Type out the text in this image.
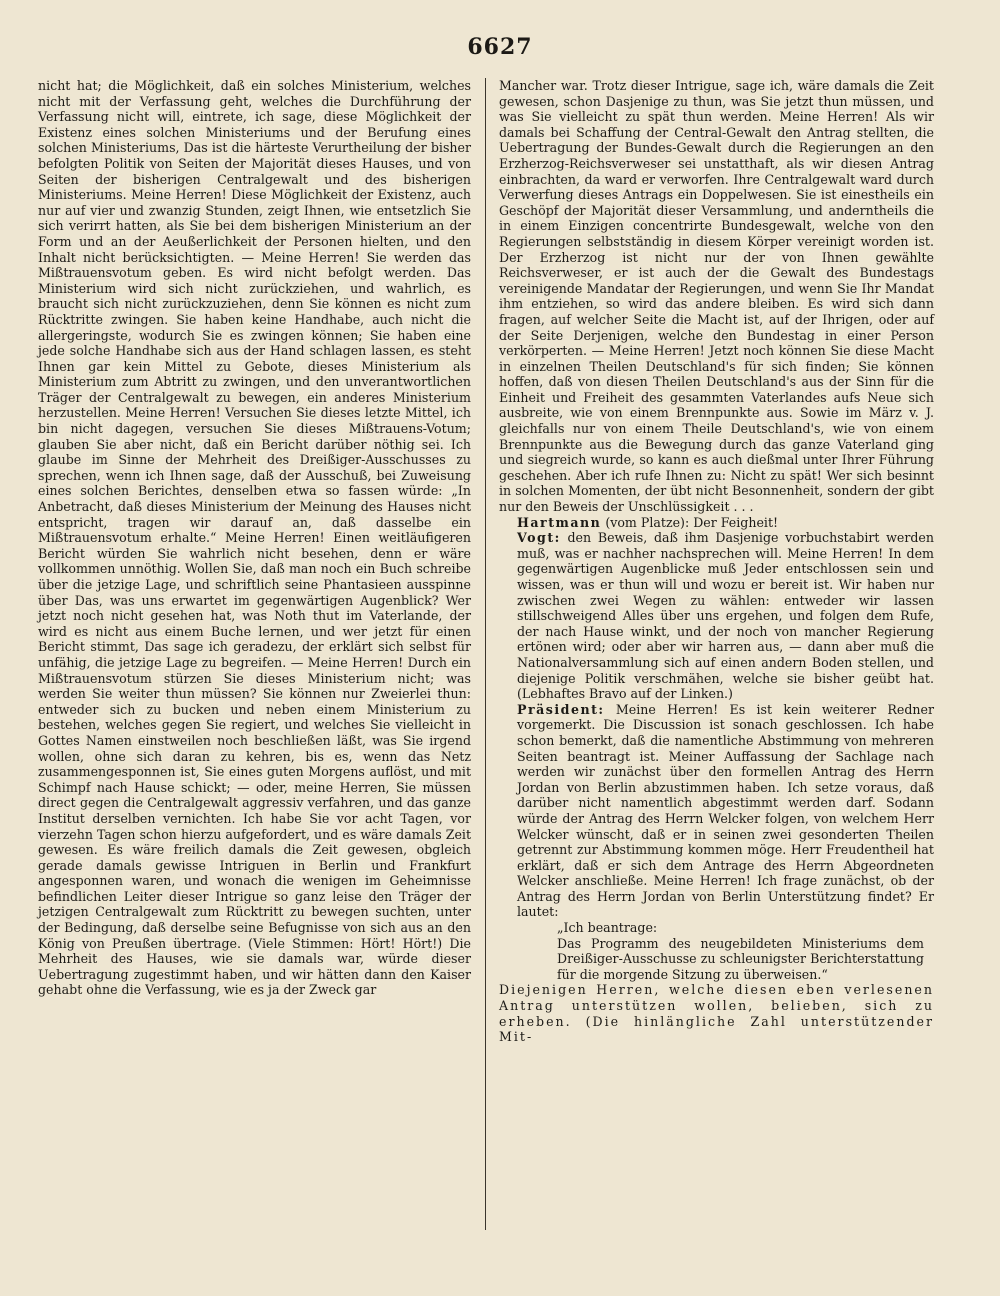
6627

nicht hat; die Möglichkeit, daß ein solches Ministerium, welches nicht mit der Verfassung geht, welches die Durchführung der Verfassung nicht will, eintrete, ich sage, diese Möglichkeit der Existenz eines solchen Ministeriums und der Berufung eines solchen Ministeriums, Das ist die härteste Verurtheilung der bisher befolgten Politik von Seiten der Majorität dieses Hauses, und von Seiten der bisherigen Centralgewalt und des bisherigen Ministeriums. Meine Herren! Diese Möglichkeit der Existenz, auch nur auf vier und zwanzig Stunden, zeigt Ihnen, wie entsetzlich Sie sich verirrt hatten, als Sie bei dem bisherigen Ministerium an der Form und an der Aeußerlichkeit der Personen hielten, und den Inhalt nicht berücksichtigten. — Meine Herren! Sie werden das Mißtrauensvotum geben. Es wird nicht befolgt werden. Das Ministerium wird sich nicht zurückziehen, und wahrlich, es braucht sich nicht zurückzuziehen, denn Sie können es nicht zum Rücktritte zwingen. Sie haben keine Handhabe, auch nicht die allergeringste, wodurch Sie es zwingen können; Sie haben eine jede solche Handhabe sich aus der Hand schlagen lassen, es steht Ihnen gar kein Mittel zu Gebote, dieses Ministerium als Ministerium zum Abtritt zu zwingen, und den unverantwortlichen Träger der Centralgewalt zu bewegen, ein anderes Ministerium herzustellen. Meine Herren! Versuchen Sie dieses letzte Mittel, ich bin nicht dagegen, versuchen Sie dieses Mißtrauens-Votum; glauben Sie aber nicht, daß ein Bericht darüber nöthig sei. Ich glaube im Sinne der Mehrheit des Dreißiger-Ausschusses zu sprechen, wenn ich Ihnen sage, daß der Ausschuß, bei Zuweisung eines solchen Berichtes, denselben etwa so fassen würde: „In Anbetracht, daß dieses Ministerium der Meinung des Hauses nicht entspricht, tragen wir darauf an, daß dasselbe ein Mißtrauensvotum erhalte.“ Meine Herren! Einen weitläufigeren Bericht würden Sie wahrlich nicht besehen, denn er wäre vollkommen unnöthig. Wollen Sie, daß man noch ein Buch schreibe über die jetzige Lage, und schriftlich seine Phantasieen ausspinne über Das, was uns erwartet im gegenwärtigen Augenblick? Wer jetzt noch nicht gesehen hat, was Noth thut im Vaterlande, der wird es nicht aus einem Buche lernen, und wer jetzt für einen Bericht stimmt, Das sage ich geradezu, der erklärt sich selbst für unfähig, die jetzige Lage zu begreifen. — Meine Herren! Durch ein Mißtrauensvotum stürzen Sie dieses Ministerium nicht; was werden Sie weiter thun müssen? Sie können nur Zweierlei thun: entweder sich zu bucken und neben einem Ministerium zu bestehen, welches gegen Sie regiert, und welches Sie vielleicht in Gottes Namen einstweilen noch beschließen läßt, was Sie irgend wollen, ohne sich daran zu kehren, bis es, wenn das Netz zusammengesponnen ist, Sie eines guten Morgens auflöst, und mit Schimpf nach Hause schickt; — oder, meine Herren, Sie müssen direct gegen die Centralgewalt aggressiv verfahren, und das ganze Institut derselben vernichten. Ich habe Sie vor acht Tagen, vor vierzehn Tagen schon hierzu aufgefordert, und es wäre damals Zeit gewesen. Es wäre freilich damals die Zeit gewesen, obgleich gerade damals gewisse Intriguen in Berlin und Frankfurt angesponnen waren, und wonach die wenigen im Geheimnisse befindlichen Leiter dieser Intrigue so ganz leise den Träger der jetzigen Centralgewalt zum Rücktritt zu bewegen suchten, unter der Bedingung, daß derselbe seine Befugnisse von sich aus an den König von Preußen übertrage. (Viele Stimmen: Hört! Hört!) Die Mehrheit des Hauses, wie sie damals war, würde dieser Uebertragung zugestimmt haben, und wir hätten dann den Kaiser gehabt ohne die Verfassung, wie es ja der Zweck gar

Mancher war. Trotz dieser Intrigue, sage ich, wäre damals die Zeit gewesen, schon Dasjenige zu thun, was Sie jetzt thun müssen, und was Sie vielleicht zu spät thun werden. Meine Herren! Als wir damals bei Schaffung der Central-Gewalt den Antrag stellten, die Uebertragung der Bundes-Gewalt durch die Regierungen an den Erzherzog-Reichsverweser sei unstatthaft, als wir diesen Antrag einbrachten, da ward er verworfen. Ihre Centralgewalt ward durch Verwerfung dieses Antrags ein Doppelwesen. Sie ist einestheils ein Geschöpf der Majorität dieser Versammlung, und anderntheils die in einem Einzigen concentrirte Bundesgewalt, welche von den Regierungen selbstständig in diesem Körper vereinigt worden ist. Der Erzherzog ist nicht nur der von Ihnen gewählte Reichsverweser, er ist auch der die Gewalt des Bundestags vereinigende Mandatar der Regierungen, und wenn Sie Ihr Mandat ihm entziehen, so wird das andere bleiben. Es wird sich dann fragen, auf welcher Seite die Macht ist, auf der Ihrigen, oder auf der Seite Derjenigen, welche den Bundestag in einer Person verkörperten. — Meine Herren! Jetzt noch können Sie diese Macht in einzelnen Theilen Deutschland's für sich finden; Sie können hoffen, daß von diesen Theilen Deutschland's aus der Sinn für die Einheit und Freiheit des gesammten Vaterlandes aufs Neue sich ausbreite, wie von einem Brennpunkte aus. Sowie im März v. J. gleichfalls nur von einem Theile Deutschland's, wie von einem Brennpunkte aus die Bewegung durch das ganze Vaterland ging und siegreich wurde, so kann es auch dießmal unter Ihrer Führung geschehen. Aber ich rufe Ihnen zu: Nicht zu spät! Wer sich besinnt in solchen Momenten, der übt nicht Besonnenheit, sondern der gibt nur den Beweis der Unschlüssigkeit . . .

Hartmann (vom Platze): Der Feigheit!

Vogt: den Beweis, daß ihm Dasjenige vorbuchstabirt werden muß, was er nachher nachsprechen will. Meine Herren! In dem gegenwärtigen Augenblicke muß Jeder entschlossen sein und wissen, was er thun will und wozu er bereit ist. Wir haben nur zwischen zwei Wegen zu wählen: entweder wir lassen stillschweigend Alles über uns ergehen, und folgen dem Rufe, der nach Hause winkt, und der noch von mancher Regierung ertönen wird; oder aber wir harren aus, — dann aber muß die Nationalversammlung sich auf einen andern Boden stellen, und diejenige Politik verschmähen, welche sie bisher geübt hat. (Lebhaftes Bravo auf der Linken.)

Präsident: Meine Herren! Es ist kein weiterer Redner vorgemerkt. Die Discussion ist sonach geschlossen. Ich habe schon bemerkt, daß die namentliche Abstimmung von mehreren Seiten beantragt ist. Meiner Auffassung der Sachlage nach werden wir zunächst über den formellen Antrag des Herrn Jordan von Berlin abzustimmen haben. Ich setze voraus, daß darüber nicht namentlich abgestimmt werden darf. Sodann würde der Antrag des Herrn Welcker folgen, von welchem Herr Welcker wünscht, daß er in seinen zwei gesonderten Theilen getrennt zur Abstimmung kommen möge. Herr Freudentheil hat erklärt, daß er sich dem Antrage des Herrn Abgeordneten Welcker anschließe. Meine Herren! Ich frage zunächst, ob der Antrag des Herrn Jordan von Berlin Unterstützung findet? Er lautet:

„Ich beantrage:

Das Programm des neugebildeten Ministeriums dem Dreißiger-Ausschusse zu schleunigster Berichterstattung für die morgende Sitzung zu überweisen.“

Diejenigen Herren, welche diesen eben verlesenen Antrag unterstützen wollen, belieben, sich zu erheben. (Die hinlängliche Zahl unterstützender Mit-
